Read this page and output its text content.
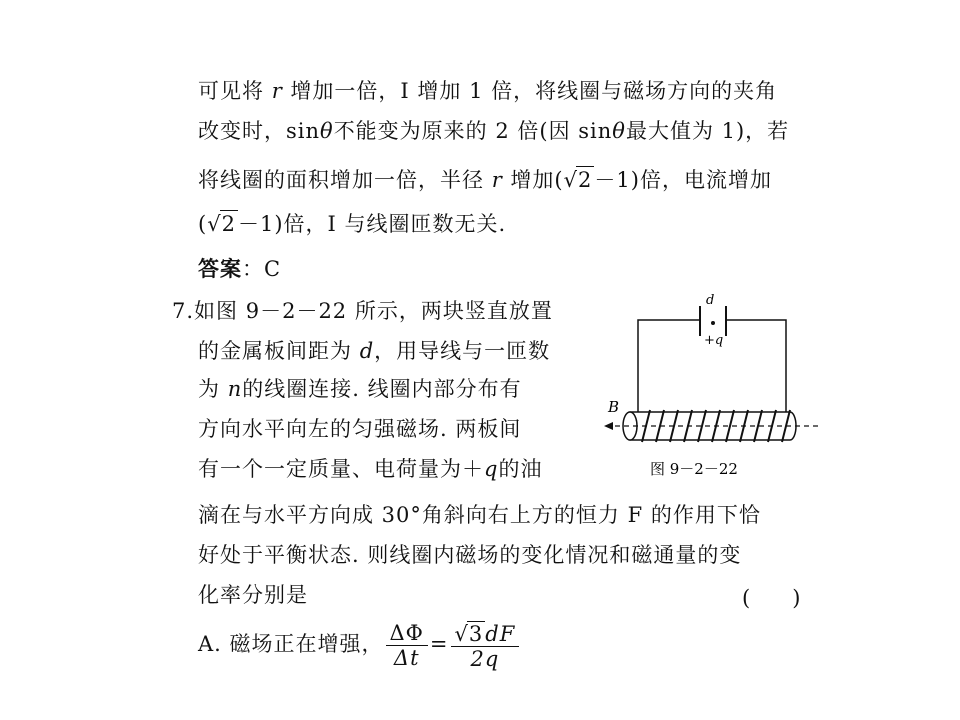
可见将 r 增加一倍，I 增加 1 倍，将线圈与磁场方向的夹角
改变时，sinθ不能变为原来的 2 倍(因 sinθ最大值为 1)，若
将线圈的面积增加一倍，半径 r 增加(√2－1)倍，电流增加
(√2－1)倍，I 与线圈匝数无关.
答案：C
7.如图 9－2－22 所示，两块竖直放置
的金属板间距为 d，用导线与一匝数
为 n的线圈连接. 线圈内部分布有
方向水平向左的匀强磁场. 两板间
有一个一定质量、电荷量为＋q的油
滴在与水平方向成 30°角斜向右上方的恒力 F 的作用下恰
好处于平衡状态. 则线圈内磁场的变化情况和磁通量的变
化率分别是	(　　)
A. 磁场正在增强， $\frac{\Delta\Phi}{\Delta t} = \frac{√3dF}{2q}$
d
+q
B
图 9－2－22
